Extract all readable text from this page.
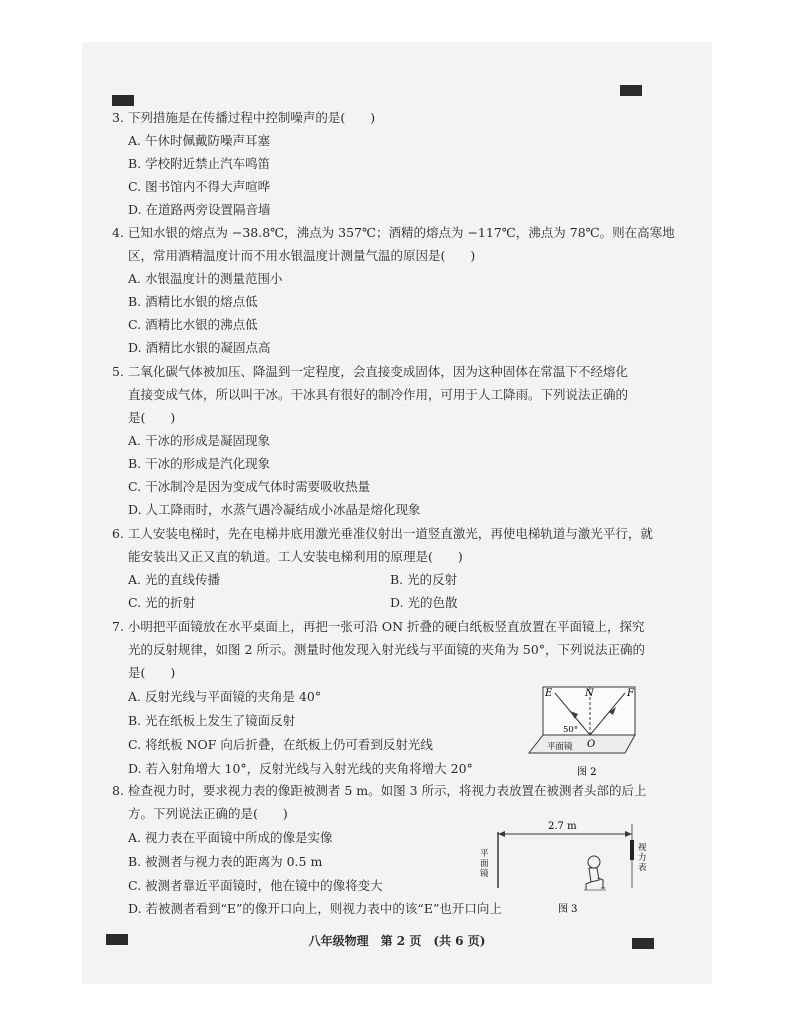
3. 下列措施是在传播过程中控制噪声的是(　　)
A. 午休时佩戴防噪声耳塞
B. 学校附近禁止汽车鸣笛
C. 图书馆内不得大声喧哗
D. 在道路两旁设置隔音墙
4. 已知水银的熔点为 −38.8℃，沸点为 357℃；酒精的熔点为 −117℃，沸点为 78℃。则在高寒地
区，常用酒精温度计而不用水银温度计测量气温的原因是(　　)
A. 水银温度计的测量范围小
B. 酒精比水银的熔点低
C. 酒精比水银的沸点低
D. 酒精比水银的凝固点高
5. 二氧化碳气体被加压、降温到一定程度，会直接变成固体，因为这种固体在常温下不经熔化
直接变成气体，所以叫干冰。干冰具有很好的制冷作用，可用于人工降雨。下列说法正确的
是(　　)
A. 干冰的形成是凝固现象
B. 干冰的形成是汽化现象
C. 干冰制冷是因为变成气体时需要吸收热量
D. 人工降雨时，水蒸气遇冷凝结成小冰晶是熔化现象
6. 工人安装电梯时，先在电梯井底用激光垂准仪射出一道竖直激光，再使电梯轨道与激光平行，就
能安装出又正又直的轨道。工人安装电梯利用的原理是(　　)
A. 光的直线传播	B. 光的反射
C. 光的折射	D. 光的色散
7. 小明把平面镜放在水平桌面上，再把一张可沿 ON 折叠的硬白纸板竖直放置在平面镜上，探究
光的反射规律，如图 2 所示。测量时他发现入射光线与平面镜的夹角为 50°，下列说法正确的
是(　　)
A. 反射光线与平面镜的夹角是 40°
B. 光在纸板上发生了镜面反射
C. 将纸板 NOF 向后折叠，在纸板上仍可看到反射光线
D. 若入射角增大 10°，反射光线与入射光线的夹角将增大 20°
E	N	F
50°
O
平面镜
图 2
8. 检查视力时，要求视力表的像距被测者 5 m。如图 3 所示，将视力表放置在被测者头部的后上
方。下列说法正确的是(　　)
A. 视力表在平面镜中所成的像是实像
B. 被测者与视力表的距离为 0.5 m
C. 被测者靠近平面镜时，他在镜中的像将变大
D. 若被测者看到“E”的像开口向上，则视力表中的该“E”也开口向上
2.7 m
平面镜
视力表
图 3
八年级物理　第 2 页　(共 6 页)
